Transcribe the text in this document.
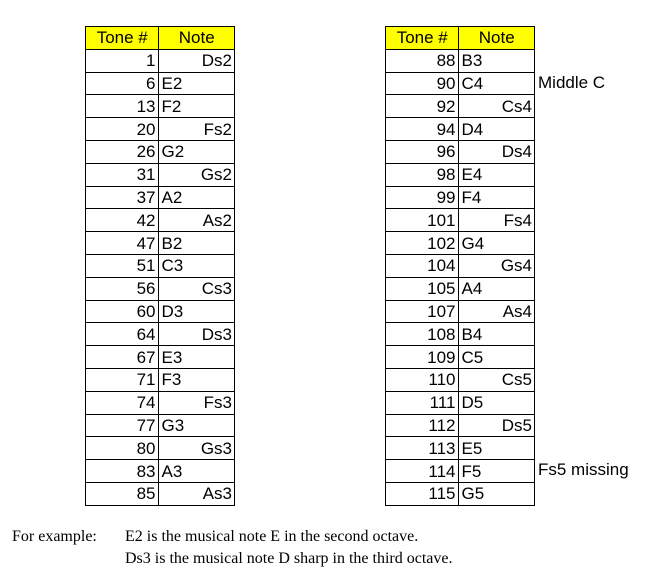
Tone #	Note
1	Ds2
6	E2
13	F2
20	Fs2
26	G2
31	Gs2
37	A2
42	As2
47	B2
51	C3
56	Cs3
60	D3
64	Ds3
67	E3
71	F3
74	Fs3
77	G3
80	Gs3
83	A3
85	As3
Tone #	Note
88	B3
90	C4
92	Cs4
94	D4
96	Ds4
98	E4
99	F4
101	Fs4
102	G4
104	Gs4
105	A4
107	As4
108	B4
109	C5
110	Cs5
111	D5
112	Ds5
113	E5
114	F5
115	G5
Middle C
Fs5 missing
For example: E2 is the musical note E in the second octave.
Ds3 is the musical note D sharp in the third octave.
